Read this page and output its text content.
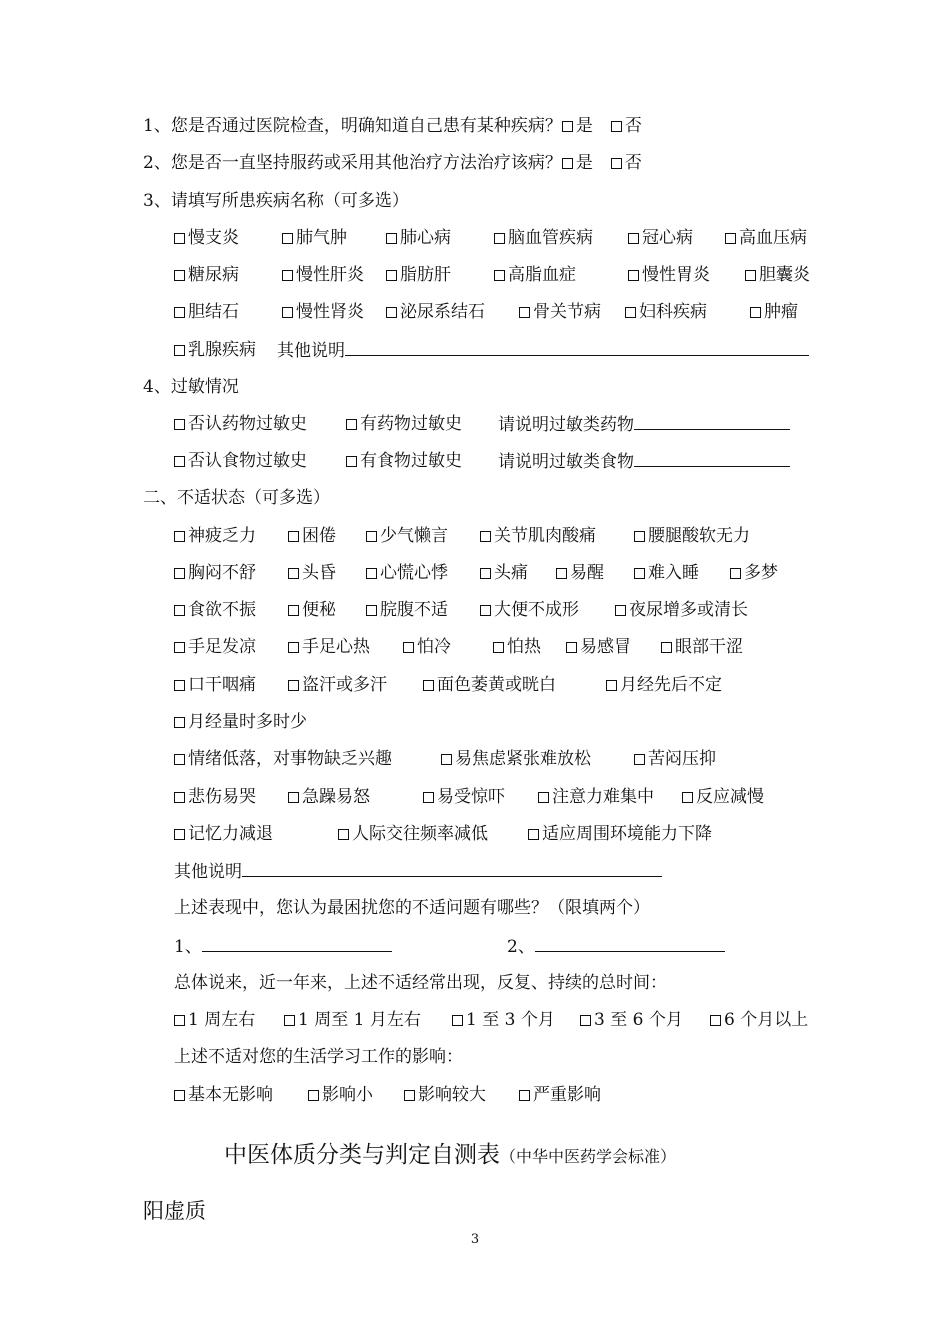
1、您是否通过医院检查，明确知道自己患有某种疾病？ 是 否
2、您是否一直坚持服药或采用其他治疗方法治疗该病？ 是 否
3、请填写所患疾病名称（可多选）
慢支炎	肺气肿	肺心病	脑血管疾病	冠心病	高血压病
糖尿病	慢性肝炎	脂肪肝	高脂血症	慢性胃炎	胆囊炎
胆结石	慢性肾炎	泌尿系结石	骨关节病	妇科疾病	肿瘤
乳腺疾病 其他说明
4、过敏情况
否认药物过敏史	有药物过敏史 请说明过敏类药物
否认食物过敏史	有食物过敏史 请说明过敏类食物
二、不适状态（可多选）
神疲乏力	困倦	少气懒言	关节肌肉酸痛	腰腿酸软无力
胸闷不舒	头昏	心慌心悸	头痛	易醒	难入睡	多梦
食欲不振	便秘	脘腹不适	大便不成形	夜尿增多或清长
手足发凉	手足心热	怕冷	怕热	易感冒	眼部干涩
口干咽痛	盗汗或多汗	面色萎黄或晄白	月经先后不定
月经量时多时少
情绪低落，对事物缺乏兴趣	易焦虑紧张难放松	苦闷压抑
悲伤易哭	急躁易怒	易受惊吓	注意力难集中	反应减慢
记忆力减退	人际交往频率减低	适应周围环境能力下降
其他说明
上述表现中，您认为最困扰您的不适问题有哪些？（限填两个）
1、	2、
总体说来，近一年来，上述不适经常出现，反复、持续的总时间：
1 周左右	1 周至 1 月左右	1 至 3 个月	3 至 6 个月	6 个月以上
上述不适对您的生活学习工作的影响：
基本无影响	影响小	影响较大	严重影响
中医体质分类与判定自测表（中华中医药学会标准）
阳虚质
3
